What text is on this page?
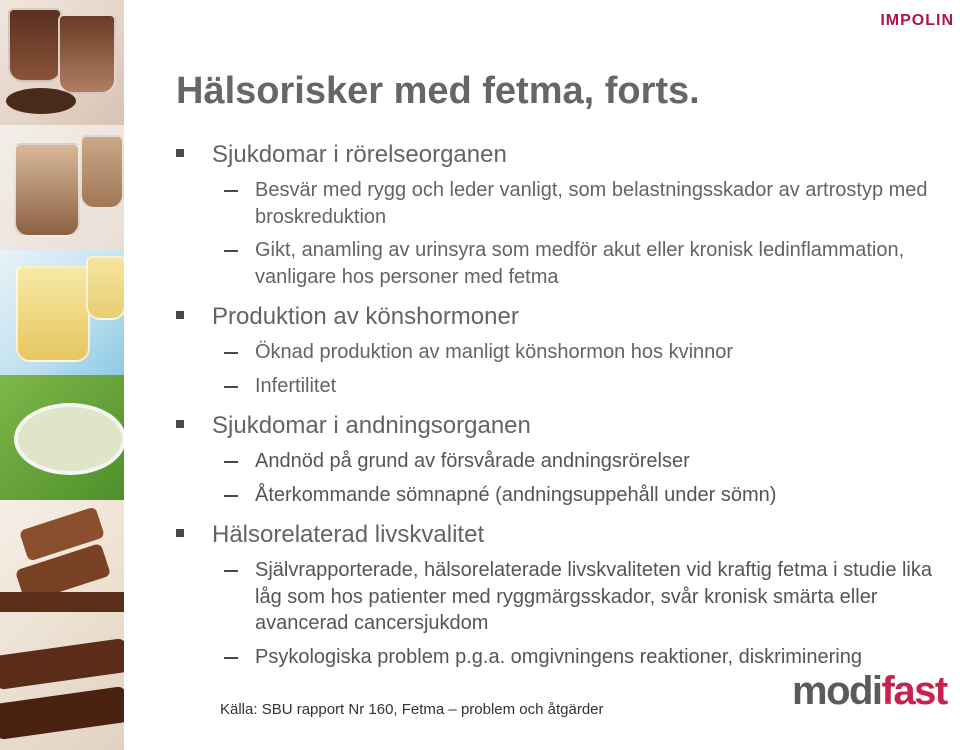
IMPOLIN
Hälsorisker med fetma, forts.
Sjukdomar i rörelseorganen
Besvär med rygg och leder vanligt, som belastningsskador av artrostyp med broskreduktion
Gikt, anamling av urinsyra som medför akut eller kronisk ledinflammation, vanligare hos personer med fetma
Produktion av könshormoner
Öknad produktion av manligt könshormon hos kvinnor
Infertilitet
Sjukdomar i andningsorganen
Andnöd på grund av försvårade andningsrörelser
Återkommande sömnapné (andningsuppehåll under sömn)
Hälsorelaterad livskvalitet
Självrapporterade, hälsorelaterade livskvaliteten vid kraftig fetma i studie lika låg som hos patienter med ryggmärgsskador, svår kronisk smärta eller avancerad cancersjukdom
Psykologiska problem p.g.a. omgivningens reaktioner, diskriminering
Källa: SBU rapport Nr 160, Fetma – problem och åtgärder	modifast
